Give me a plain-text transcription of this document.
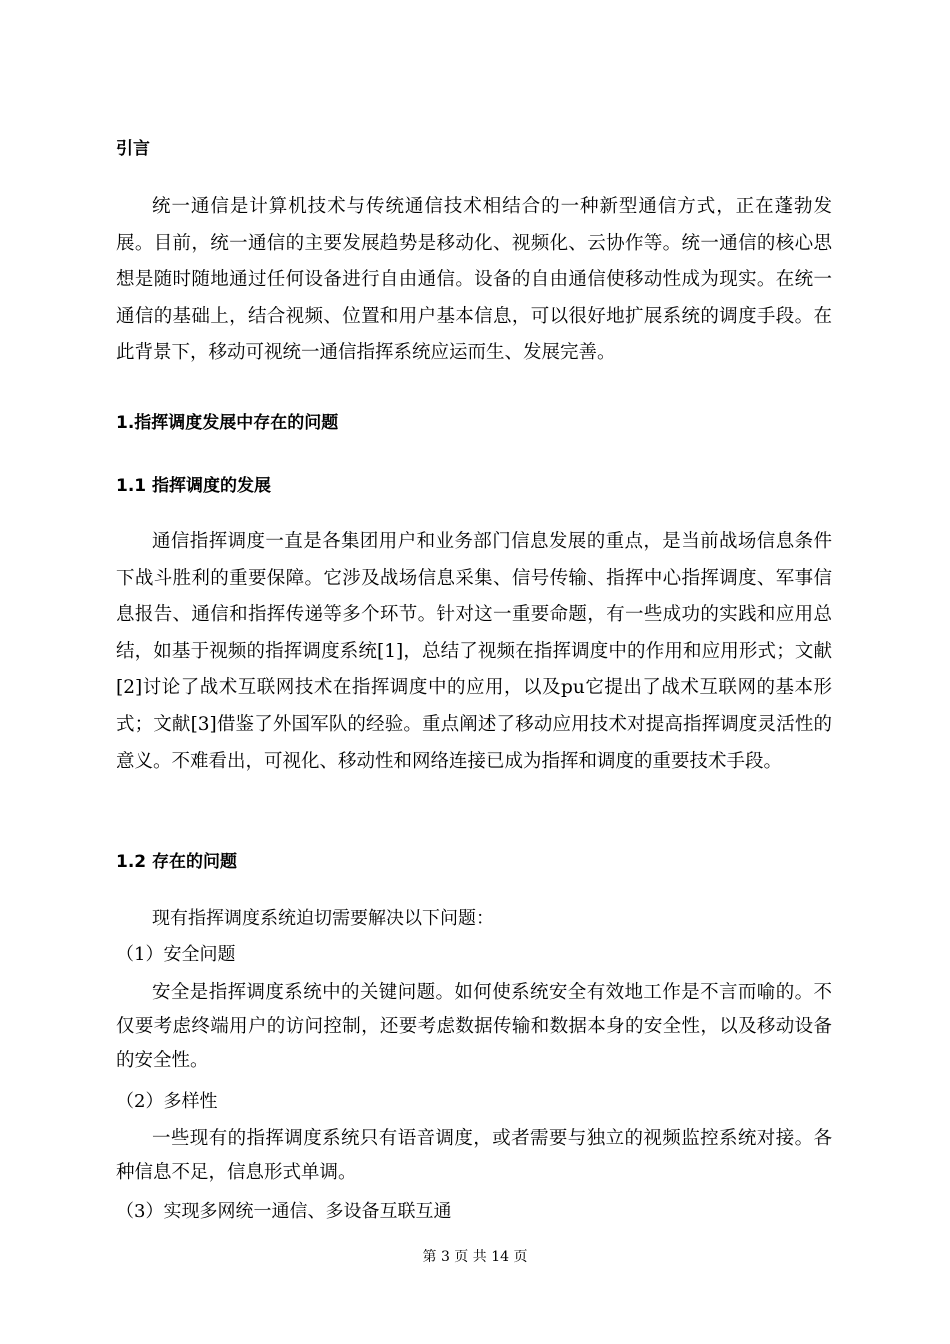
引言

统一通信是计算机技术与传统通信技术相结合的一种新型通信方式，正在蓬勃发展。目前，统一通信的主要发展趋势是移动化、视频化、云协作等。统一通信的核心思想是随时随地通过任何设备进行自由通信。设备的自由通信使移动性成为现实。在统一通信的基础上，结合视频、位置和用户基本信息，可以很好地扩展系统的调度手段。在此背景下，移动可视统一通信指挥系统应运而生、发展完善。

1.指挥调度发展中存在的问题
1.1 指挥调度的发展

通信指挥调度一直是各集团用户和业务部门信息发展的重点，是当前战场信息条件下战斗胜利的重要保障。它涉及战场信息采集、信号传输、指挥中心指挥调度、军事信息报告、通信和指挥传递等多个环节。针对这一重要命题，有一些成功的实践和应用总结，如基于视频的指挥调度系统[1]，总结了视频在指挥调度中的作用和应用形式；文献[2]讨论了战术互联网技术在指挥调度中的应用，以及pu它提出了战术互联网的基本形式；文献[3]借鉴了外国军队的经验。重点阐述了移动应用技术对提高指挥调度灵活性的意义。不难看出，可视化、移动性和网络连接已成为指挥和调度的重要技术手段。

1.2 存在的问题
现有指挥调度系统迫切需要解决以下问题：
（1）安全问题

安全是指挥调度系统中的关键问题。如何使系统安全有效地工作是不言而喻的。不仅要考虑终端用户的访问控制，还要考虑数据传输和数据本身的安全性，以及移动设备的安全性。

（2）多样性

一些现有的指挥调度系统只有语音调度，或者需要与独立的视频监控系统对接。各种信息不足，信息形式单调。

（3）实现多网统一通信、多设备互联互通
第 3 页 共 14 页
